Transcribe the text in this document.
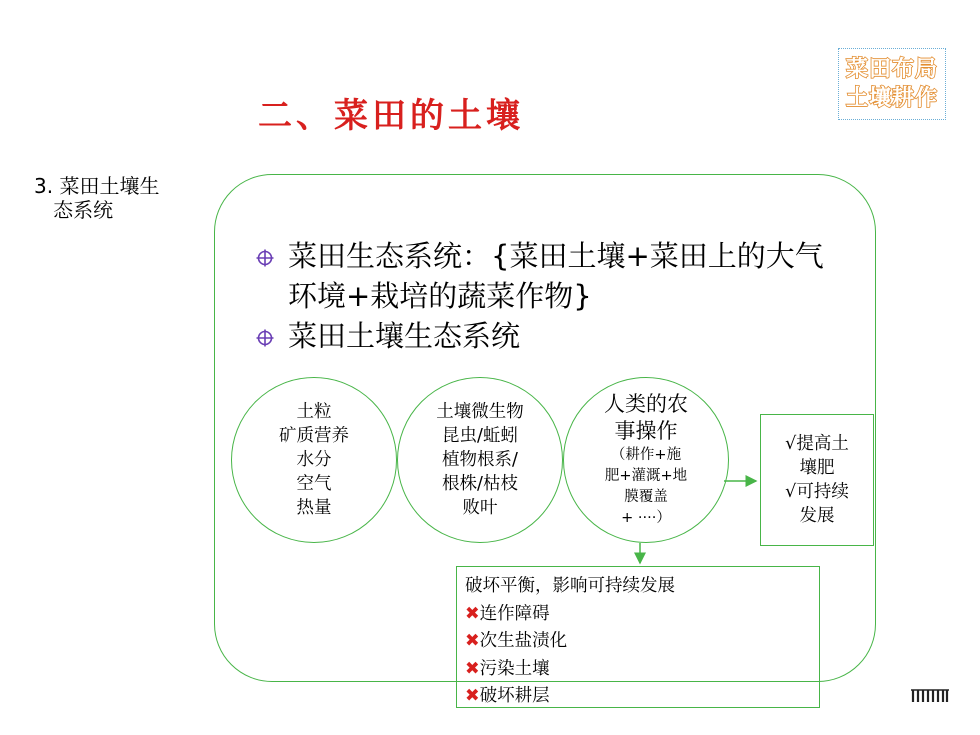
菜田布局
土壤耕作
二、菜田的土壤
3. 菜田土壤生
态系统
菜田生态系统：{菜田土壤+菜田上的大气环境+栽培的蔬菜作物}
菜田土壤生态系统
土粒
矿质营养
水分
空气
热量
土壤微生物
昆虫/蚯蚓
植物根系/
根株/枯枝
败叶
人类的农
事操作
（耕作+施
肥+灌溉+地
膜覆盖
+ ····）
√提高土
壤肥
√可持续
发展
破坏平衡，影响可持续发展
✖连作障碍
✖次生盐渍化
✖污染土壤
✖破坏耕层
